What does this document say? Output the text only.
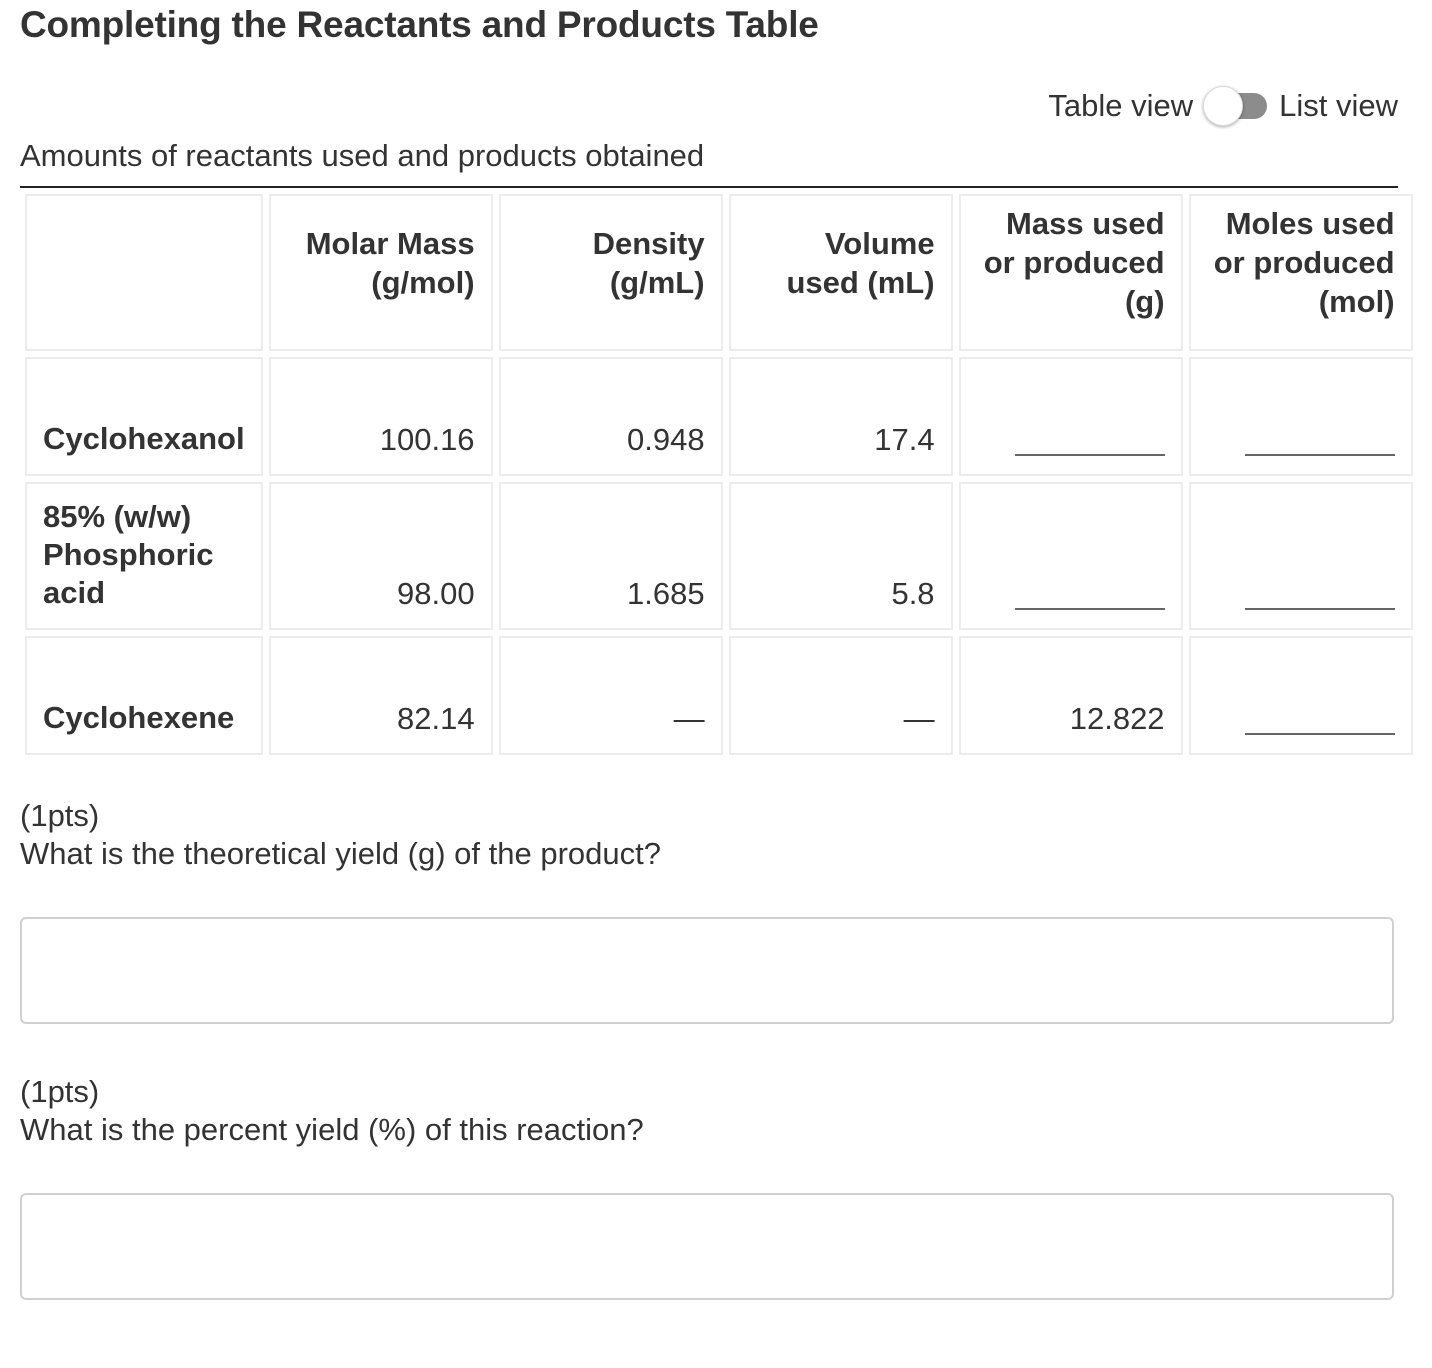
Completing the Reactants and Products Table
Table view	List view
Amounts of reactants used and products obtained
	Molar Mass (g/mol)	Density (g/mL)	Volume used (mL)	Mass used or produced (g)	Moles used or produced (mol)
Cyclohexanol	100.16	0.948	17.4		
85% (w/w) Phosphoric acid	98.00	1.685	5.8		
Cyclohexene	82.14	—	—	12.822	
(1pts)
What is the theoretical yield (g) of the product?
(1pts)
What is the percent yield (%) of this reaction?
